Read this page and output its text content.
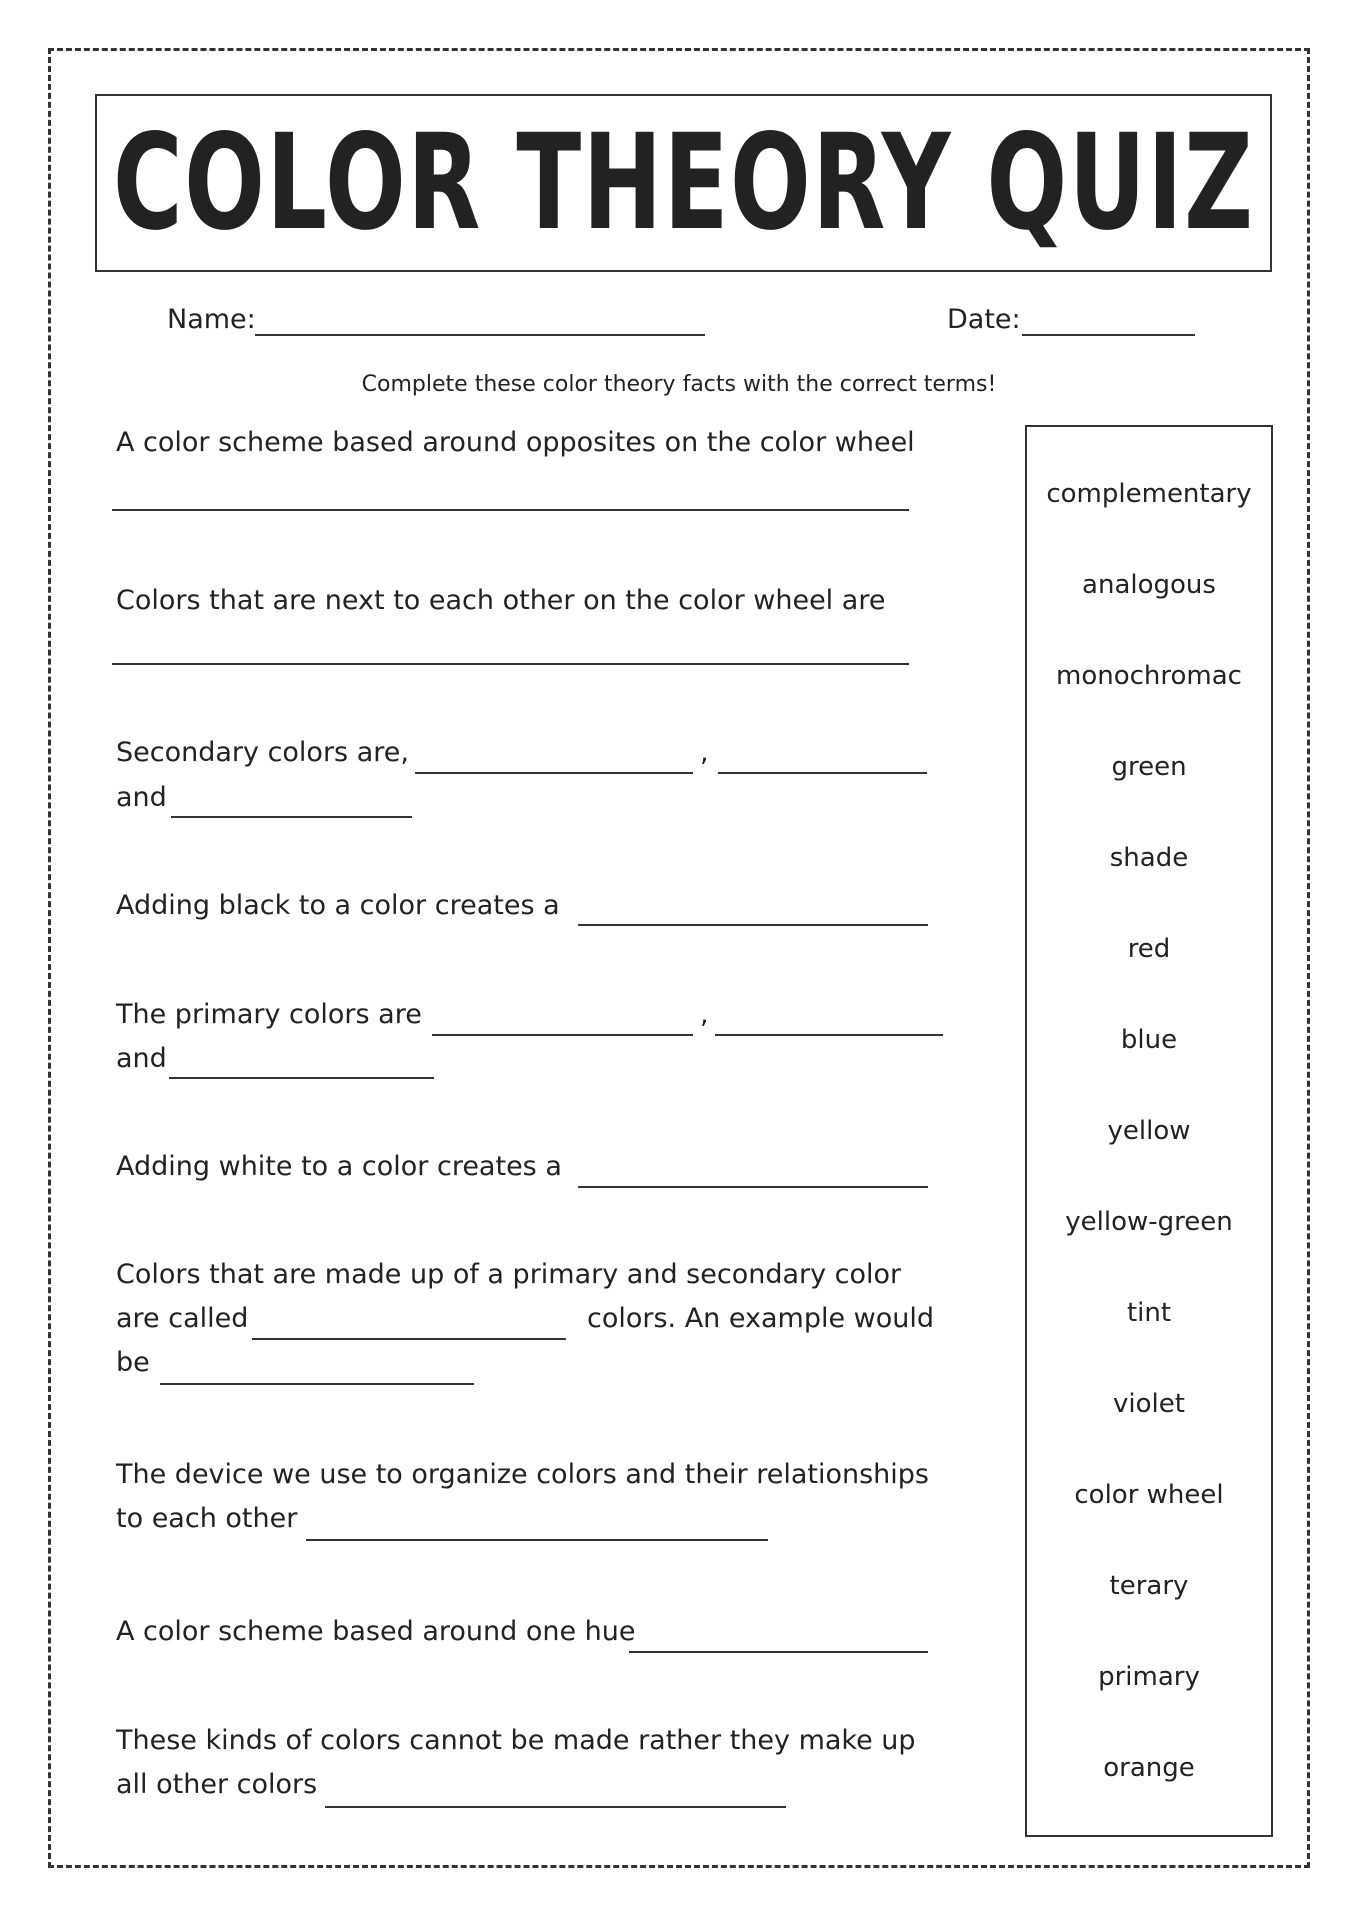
COLOR THEORY QUIZ
Name:	Date:
Complete these color theory facts with the correct terms!
A color scheme based around opposites on the color wheel
Colors that are next to each other on the color wheel are
Secondary colors are,	,
and
Adding black to a color creates a
The primary colors are	,
and
Adding white to a color creates a
Colors that are made up of a primary and secondary color
are called	colors. An example would
be
The device we use to organize colors and their relationships
to each other
A color scheme based around one hue
These kinds of colors cannot be made rather they make up
all other colors
complementary
analogous
monochromac
green
shade
red
blue
yellow
yellow-green
tint
violet
color wheel
terary
primary
orange
